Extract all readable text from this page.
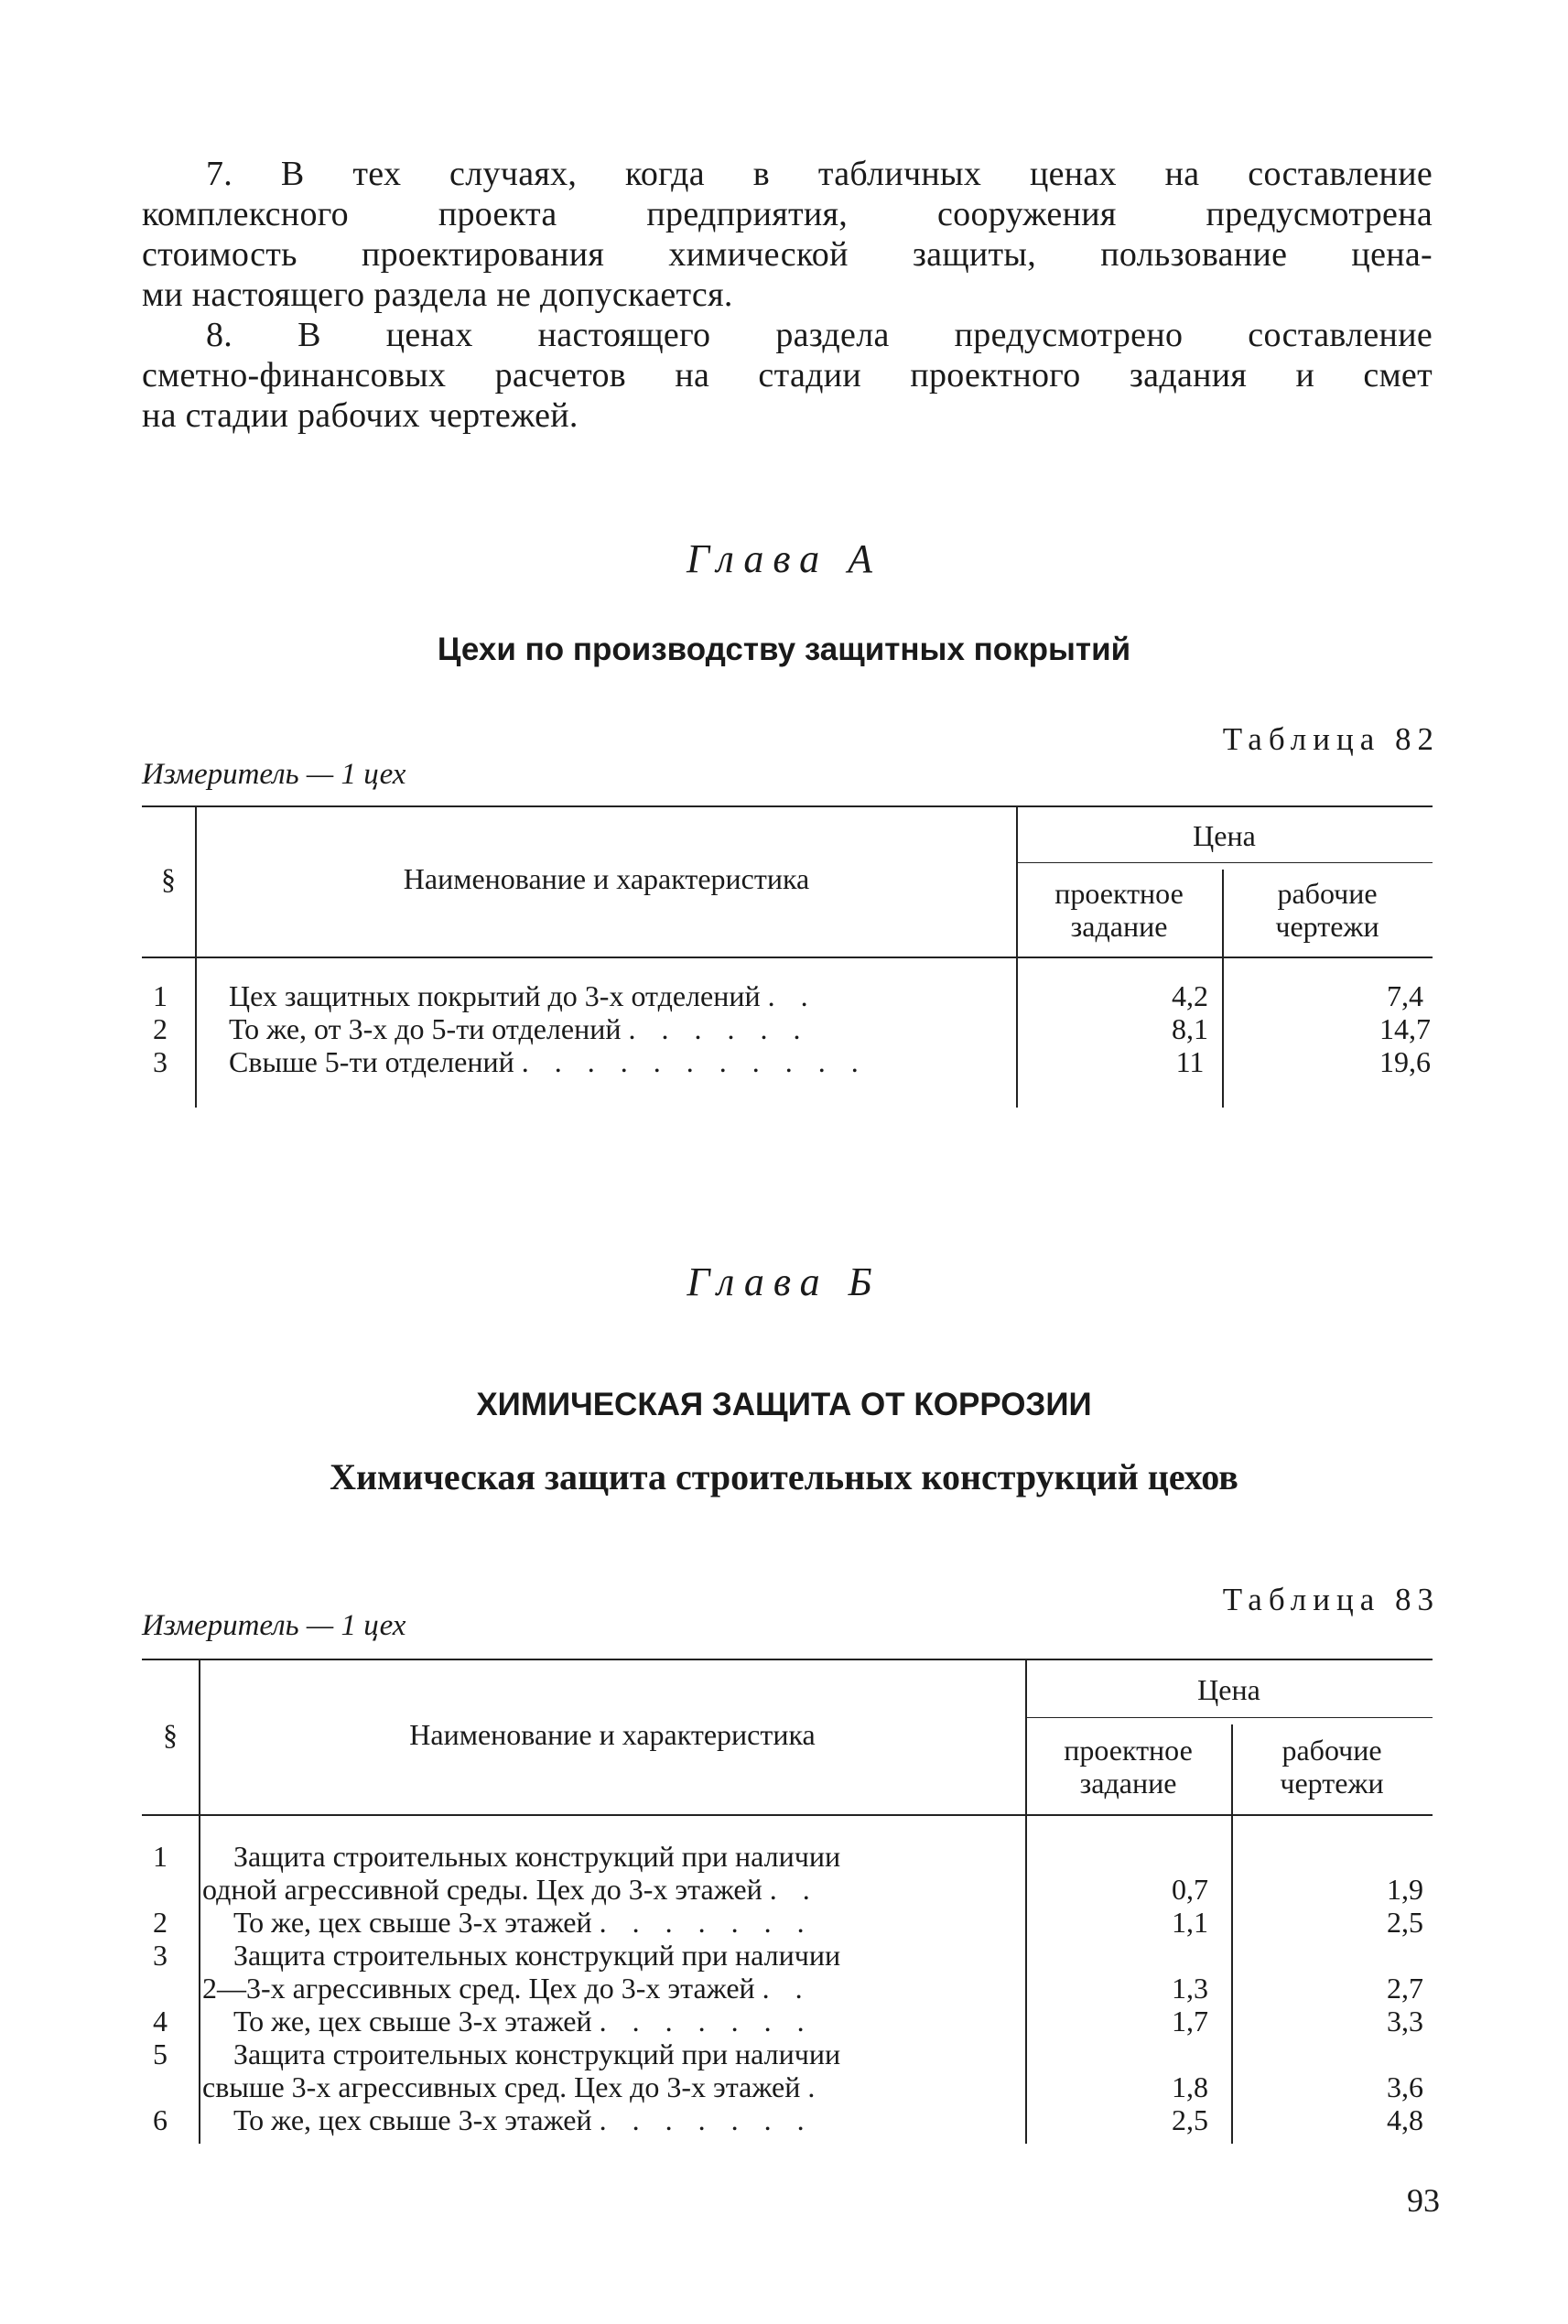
7. В тех случаях, когда в табличных ценах на составление
комплексного проекта предприятия, сооружения предусмотрена
стоимость проектирования химической защиты, пользование цена-
ми настоящего раздела не допускается.
8. В ценах настоящего раздела предусмотрено составление
сметно-финансовых расчетов на стадии проектного задания и смет
на стадии рабочих чертежей.
Глава А
Цехи по производству защитных покрытий
Таблица 82
Измеритель — 1 цех
§	Наименование и характеристика
Цена
проектное
задание
рабочие
чертежи
1	Цех защитных покрытий до 3-х отделений . .	4,2	7,4
2	То же, от 3-х до 5-ти отделений . . . . . .	8,1	14,7
3	Свыше 5-ти отделений . . . . . . . . . . .	11	19,6
Глава Б
ХИМИЧЕСКАЯ ЗАЩИТА ОТ КОРРОЗИИ
Химическая защита строительных конструкций цехов
Таблица 83
Измеритель — 1 цех
§	Наименование и характеристика
Цена
проектное
задание
рабочие
чертежи
1	Защита строительных конструкций при наличии
одной агрессивной среды. Цех до 3-х этажей . .	0,7	1,9
2	То же, цех свыше 3-х этажей . . . . . . .	1,1	2,5
3	Защита строительных конструкций при наличии
2—3-х агрессивных сред. Цех до 3-х этажей . .	1,3	2,7
4	То же, цех свыше 3-х этажей . . . . . . .	1,7	3,3
5	Защита строительных конструкций при наличии
свыше 3-х агрессивных сред. Цех до 3-х этажей .	1,8	3,6
6	То же, цех свыше 3-х этажей . . . . . . .	2,5	4,8
93
